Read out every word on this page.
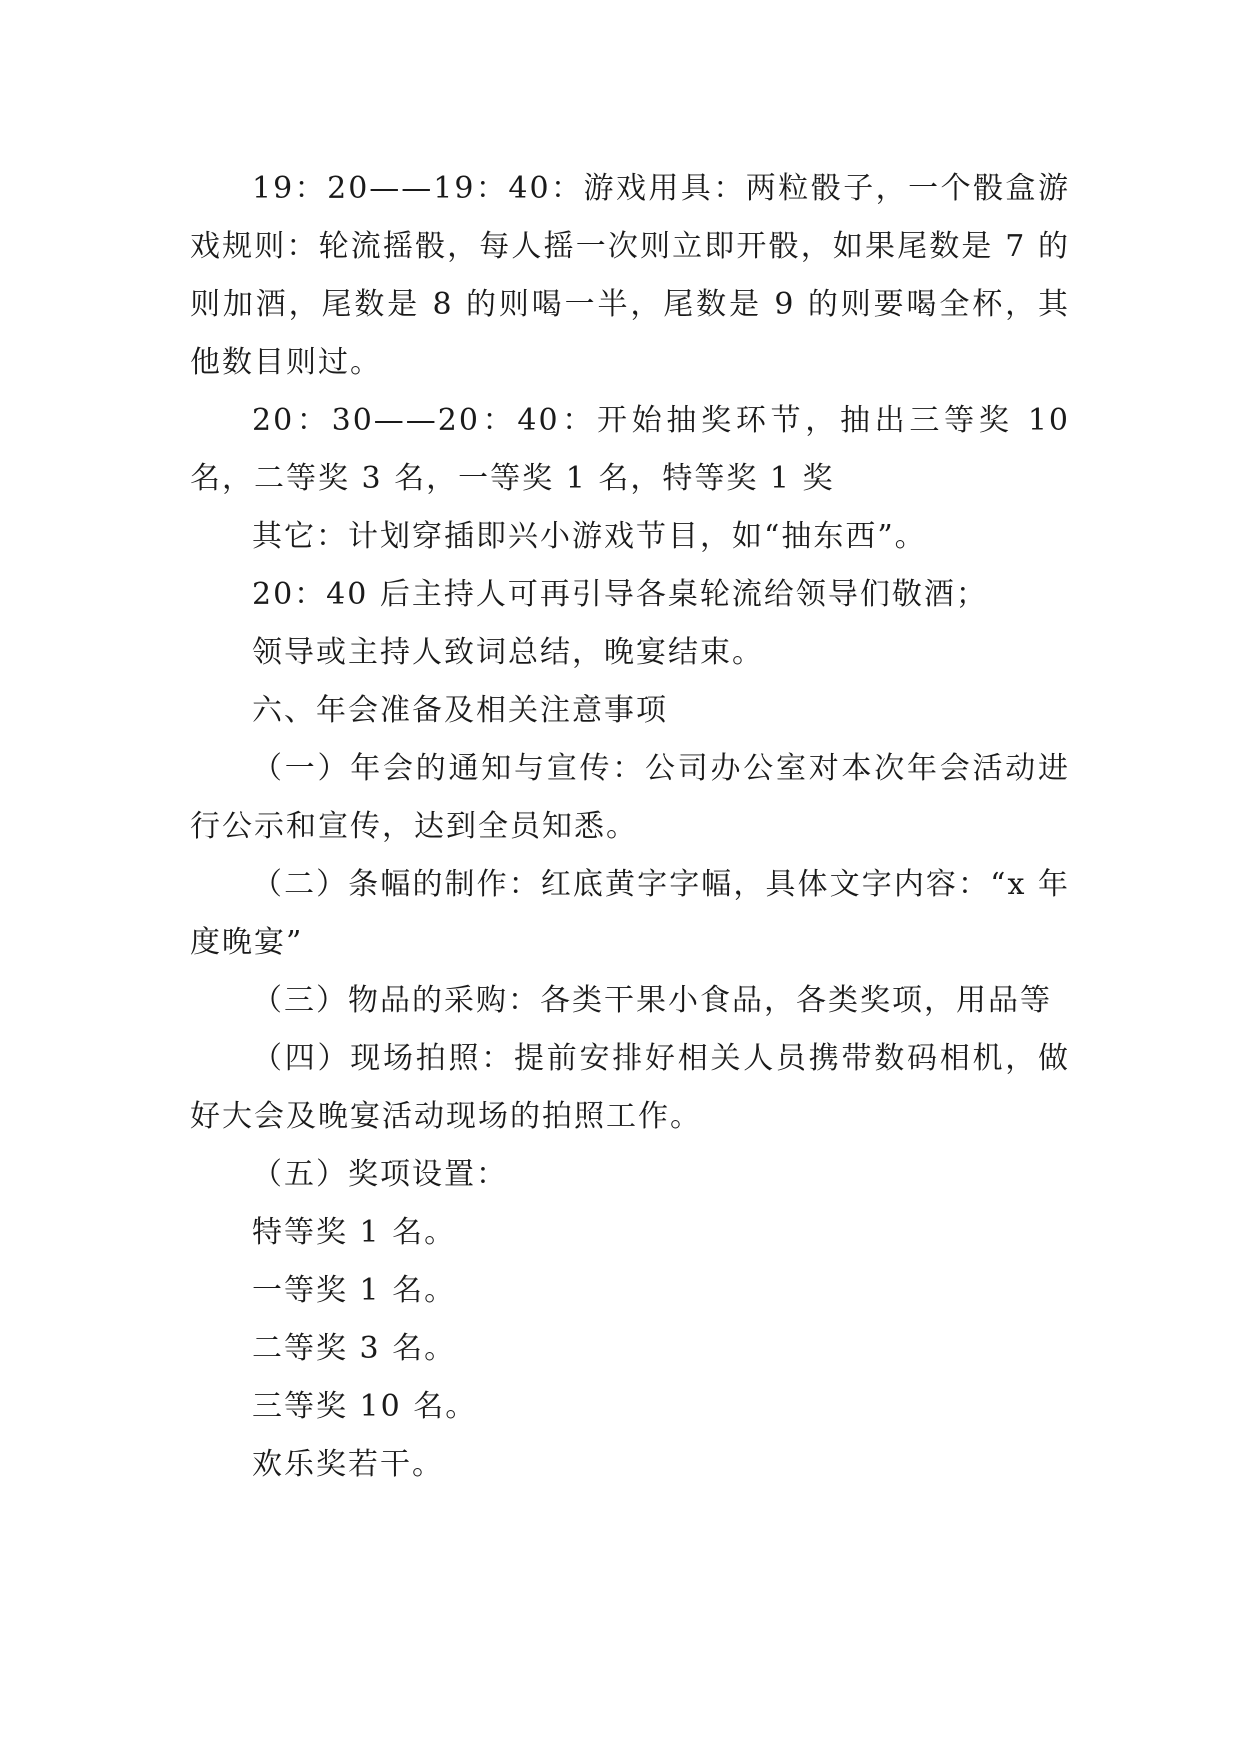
19：20——19：40：游戏用具：两粒骰子，一个骰盒游戏规则：轮流摇骰，每人摇一次则立即开骰，如果尾数是 7 的则加酒，尾数是 8 的则喝一半，尾数是 9 的则要喝全杯，其他数目则过。

20：30——20：40：开始抽奖环节，抽出三等奖 10 名，二等奖 3 名，一等奖 1 名，特等奖 1 奖

其它：计划穿插即兴小游戏节目，如“抽东西”。

20：40 后主持人可再引导各桌轮流给领导们敬酒；

领导或主持人致词总结，晚宴结束。

六、年会准备及相关注意事项

（一）年会的通知与宣传：公司办公室对本次年会活动进行公示和宣传，达到全员知悉。

（二）条幅的制作：红底黄字字幅，具体文字内容：“x 年度晚宴”

（三）物品的采购：各类干果小食品，各类奖项，用品等

（四）现场拍照：提前安排好相关人员携带数码相机，做好大会及晚宴活动现场的拍照工作。

（五）奖项设置：

特等奖 1 名。

一等奖 1 名。

二等奖 3 名。

三等奖 10 名。

欢乐奖若干。
